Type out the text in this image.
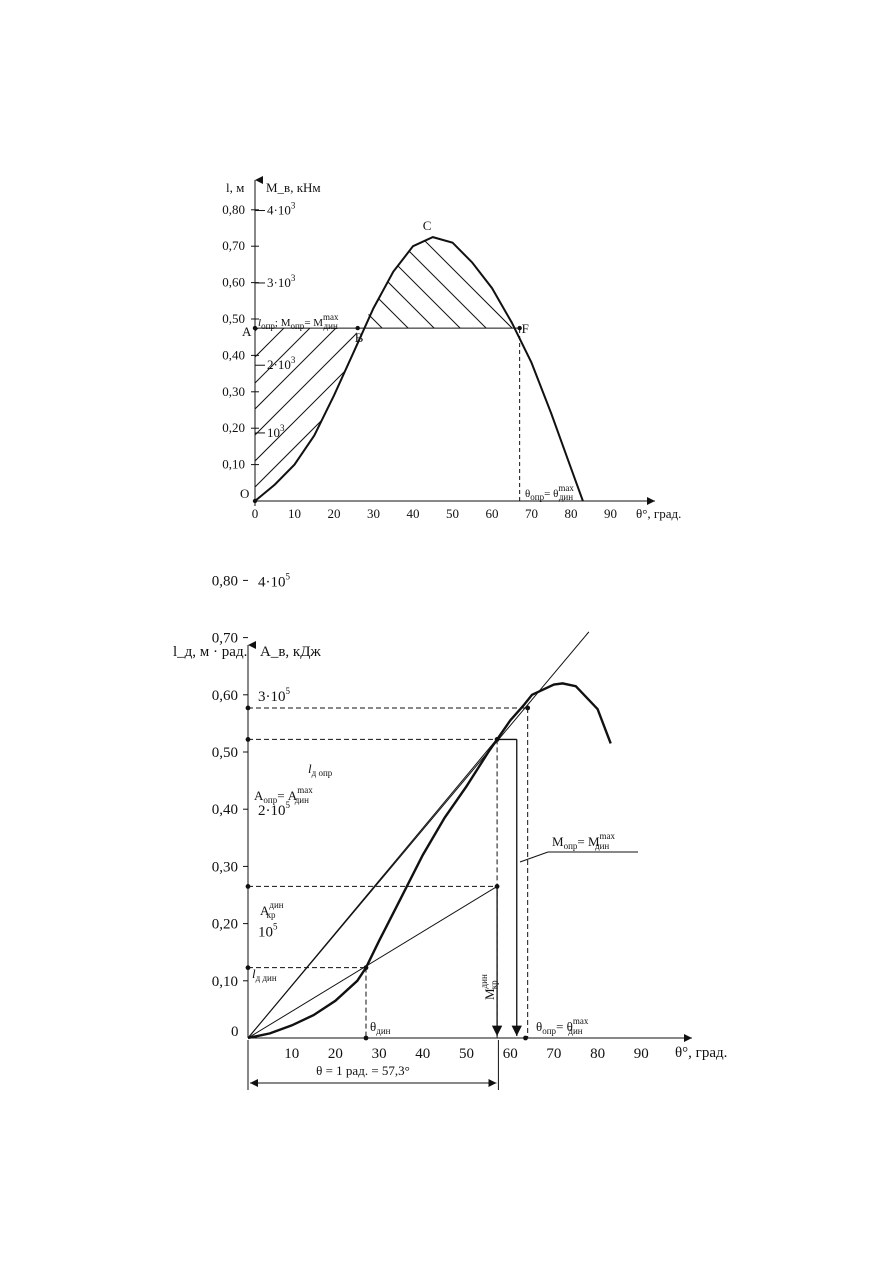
0,10
0,20
0,30
0,40
0,50
0,60
0,70
0,80
0 10 20 30 40 50 60 70 80 90
$10^3$
$2\cdot 10^3$
$3\cdot 10^3$
$4\cdot 10^3$
O
A	B
C
F
l, м M_в, кНм
θ°, град.
$l_{опр}$; $M_{опр}= M^{max}$ дин
$\theta_{опр}= \theta^{max}$ дин
0,10
0,20
0,30
0,40
0,50
0,60
0,70
0,80
10 20 30 40 50 60 70 80 90
$10^5$
$2\cdot 10^5$
$3\cdot 10^5$
$4\cdot 10^5$
l_д, м · рад. A_в, кДж
θ°, град.
0
$l_{д опр}$
$A_{опр}= A^{max}$ дин
$A^{дин}$ кр
$l_{д дин}$
$M_{опр}= M^{max}$ дин
$M^{дин}кр$
$\theta_{дин}$	$\theta_{опр}= \theta^{max}$ дин
θ = 1 рад. = 57,3°
